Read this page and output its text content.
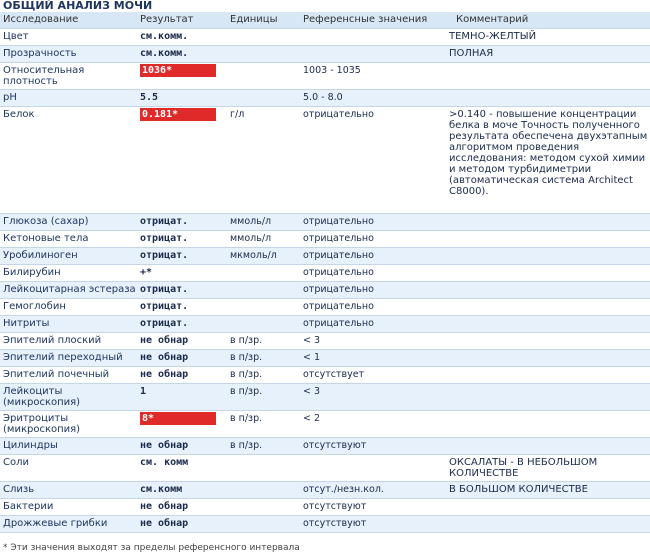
ОБЩИЙ АНАЛИЗ МОЧИ
Исследование	Результат	Единицы	Референсные значения	Комментарий
Цвет	см.комм.			ТЕМНО-ЖЕЛТЫЙ
Прозрачность	см.комм.			ПОЛНАЯ
Относительная плотность	1036*		1003 - 1035	
pH	5.5		5.0 - 8.0	
Белок	0.181*	г/л	отрицательно	>0.140 - повышение концентрации белка в моче Точность полученного результата обеспечена двухэтапным алгоритмом проведения исследования: методом сухой химии и методом турбидиметрии (автоматическая система Architect C8000).
Глюкоза (сахар)	отрицат.	ммоль/л	отрицательно	
Кетоновые тела	отрицат.	ммоль/л	отрицательно	
Уробилиноген	отрицат.	мкмоль/л	отрицательно	
Билирубин	+*		отрицательно	
Лейкоцитарная эстераза	отрицат.		отрицательно	
Гемоглобин	отрицат.		отрицательно	
Нитриты	отрицат.		отрицательно	
Эпителий плоский	не обнар	в п/зр.	< 3	
Эпителий переходный	не обнар	в п/зр.	< 1	
Эпителий почечный	не обнар	в п/зр.	отсутствует	
Лейкоциты (микроскопия)	1	в п/зр.	< 3	
Эритроциты (микроскопия)	8*	в п/зр.	< 2	
Цилиндры	не обнар	в п/зр.	отсутствуют	
Соли	см. комм			ОКСАЛАТЫ - В НЕБОЛЬШОМ КОЛИЧЕСТВЕ
Слизь	см.комм		отсут./незн.кол.	В БОЛЬШОМ КОЛИЧЕСТВЕ
Бактерии	не обнар		отсутствуют	
Дрожжевые грибки	не обнар		отсутствуют	
* Эти значения выходят за пределы референсного интервала
